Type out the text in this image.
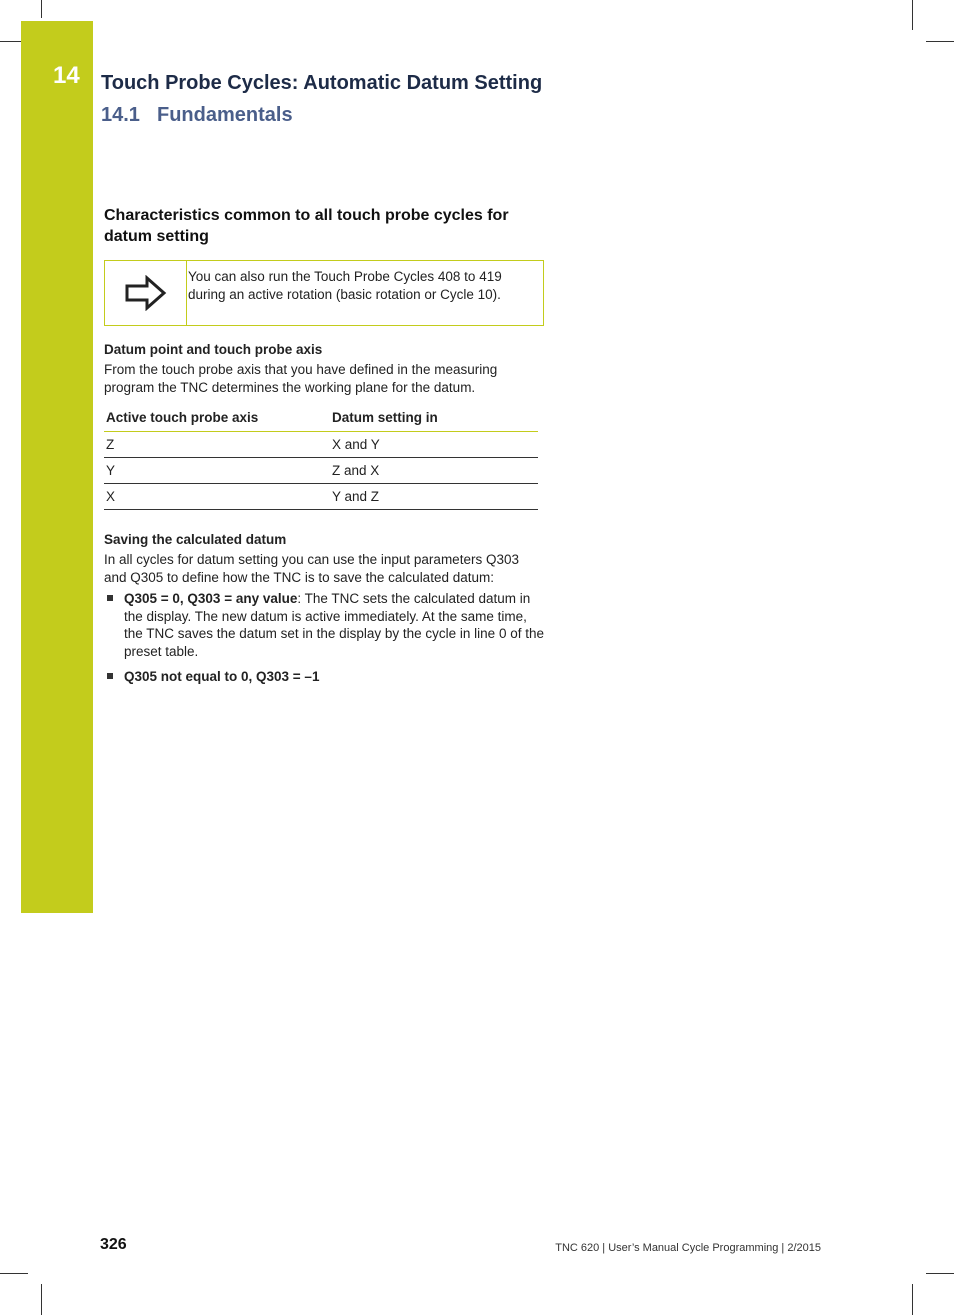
14 Touch Probe Cycles: Automatic Datum Setting
14.1 Fundamentals
Characteristics common to all touch probe cycles for datum setting
You can also run the Touch Probe Cycles 408 to 419 during an active rotation (basic rotation or Cycle 10).
Datum point and touch probe axis

From the touch probe axis that you have defined in the measuring program the TNC determines the working plane for the datum.

Active touch probe axis	Datum setting in
Z	X and Y
Y	Z and X
X	Y and Z
Saving the calculated datum

In all cycles for datum setting you can use the input parameters Q303 and Q305 to define how the TNC is to save the calculated datum:

Q305 = 0, Q303 = any value: The TNC sets the calculated datum in the display. The new datum is active immediately. At the same time, the TNC saves the datum set in the display by the cycle in line 0 of the preset table.
Q305 not equal to 0, Q303 = –1
326	TNC 620 | User’s Manual Cycle Programming | 2/2015
